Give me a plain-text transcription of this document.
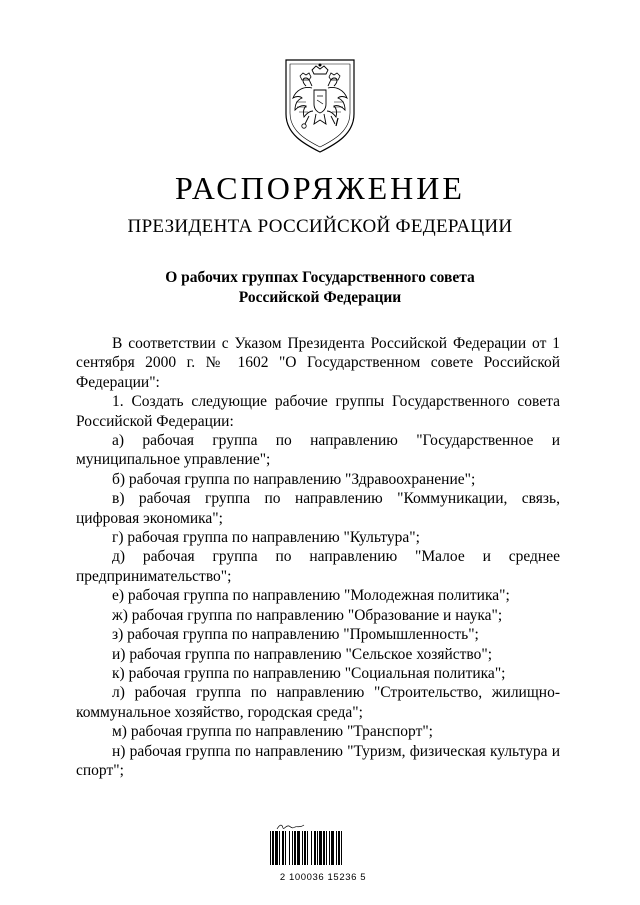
РАСПОРЯЖЕНИЕ
ПРЕЗИДЕНТА РОССИЙСКОЙ ФЕДЕРАЦИИ
О рабочих группах Государственного совета
Российской Федерации

В соответствии с Указом Президента Российской Федерации от 1 сентября 2000 г. № 1602 "О Государственном совете Российской Федерации":

1. Создать следующие рабочие группы Государственного совета Российской Федерации:

а) рабочая группа по направлению "Государственное и муниципальное управление";

б) рабочая группа по направлению "Здравоохранение";

в) рабочая группа по направлению "Коммуникации, связь, цифровая экономика";

г) рабочая группа по направлению "Культура";

д) рабочая группа по направлению "Малое и среднее предпринимательство";

е) рабочая группа по направлению "Молодежная политика";

ж) рабочая группа по направлению "Образование и наука";

з) рабочая группа по направлению "Промышленность";

и) рабочая группа по направлению "Сельское хозяйство";

к) рабочая группа по направлению "Социальная политика";

л) рабочая группа по направлению "Строительство, жилищно-коммунальное хозяйство, городская среда";

м) рабочая группа по направлению "Транспорт";

н) рабочая группа по направлению "Туризм, физическая культура и спорт";

2 100036 15236 5
